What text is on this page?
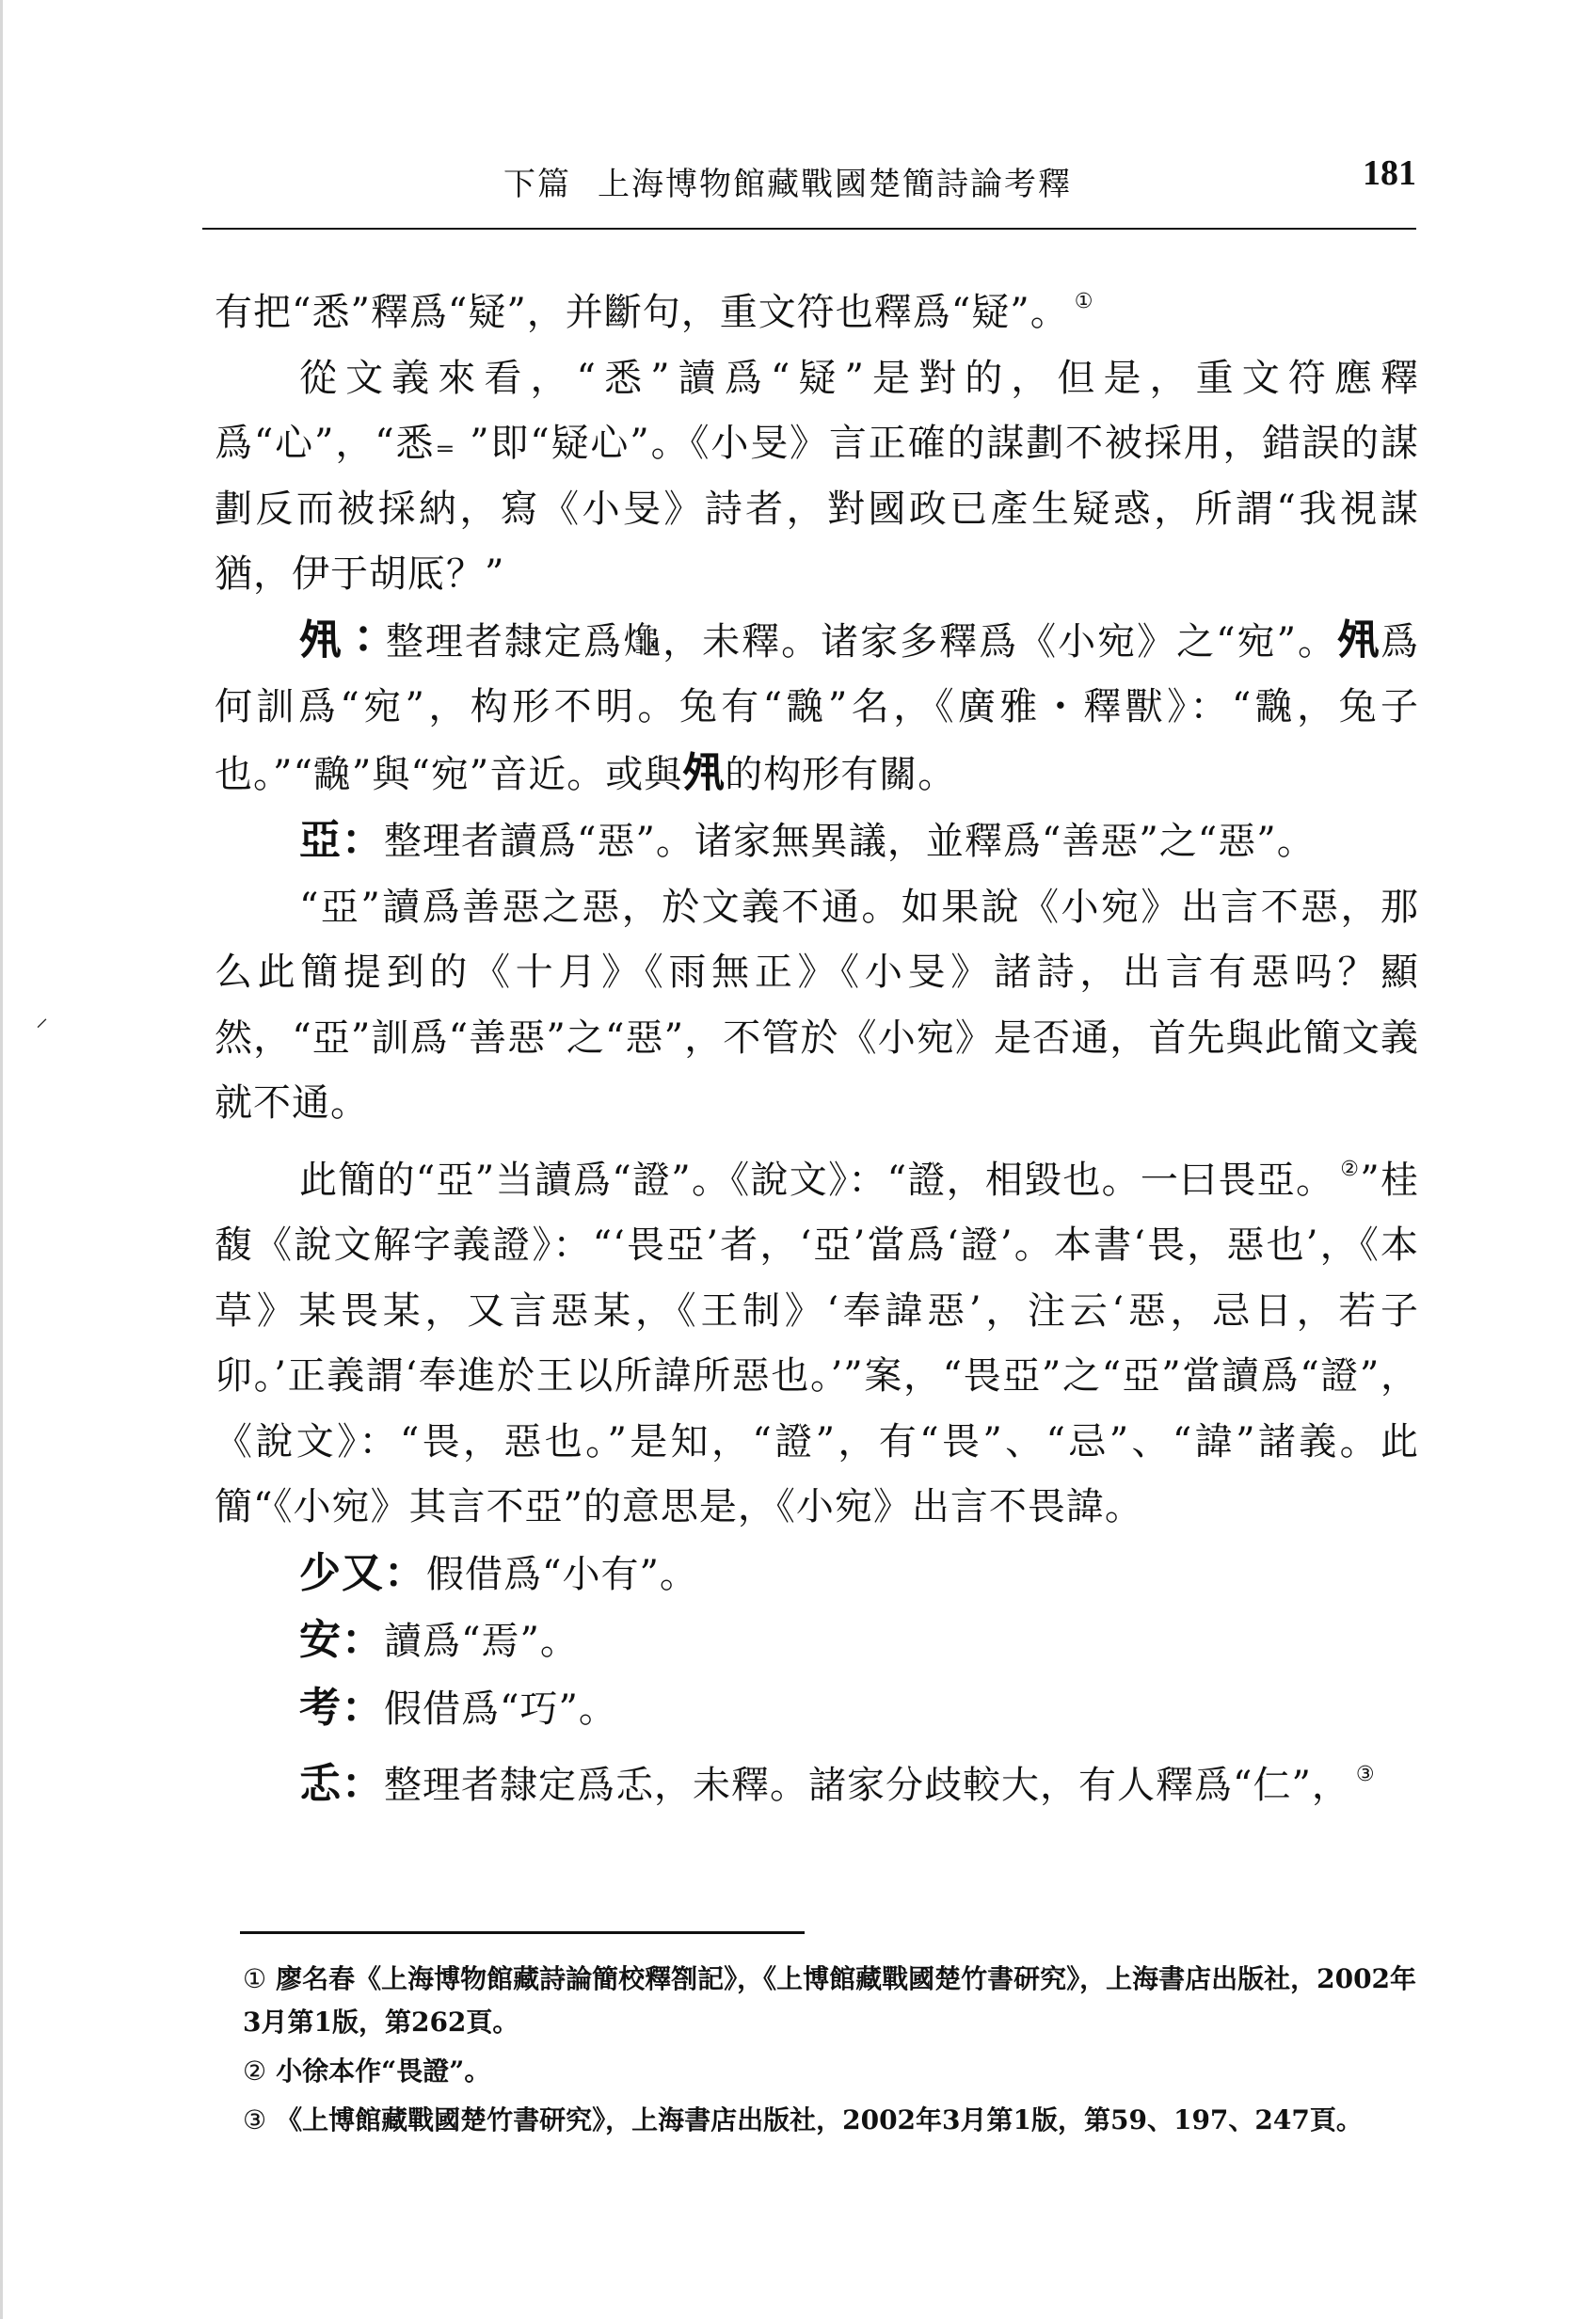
⸝
下篇 上海博物館藏戰國楚簡詩論考釋	181

有把“悉”釋爲“疑”，并斷句，重文符也釋爲“疑”。 ①

從文義來看，“悉”讀爲“疑”是對的，但是，重文符應釋爲“心”，“悉₌ ”即“疑心”。《小旻》言正確的謀劃不被採用，錯誤的謀劃反而被採納，寫《小旻》詩者，對國政已產生疑惑，所謂“我視謀猶，伊于胡厎？”

𡖊：整理者隸定爲𪚱，未釋。诸家多釋爲《小宛》之“宛”。𡖊爲何訓爲“宛”，构形不明。兔有“䨲”名，《廣雅・釋獸》：“䨲，兔子也。”“䨲”與“宛”音近。或與𡖊的构形有關。

亞：整理者讀爲“惡”。诸家無異議，並釋爲“善惡”之“惡”。

“亞”讀爲善惡之惡，於文義不通。如果說《小宛》出言不惡，那么此簡提到的《十月》《雨無正》《小旻》諸詩，出言有惡吗？顯然，“亞”訓爲“善惡”之“惡”，不管於《小宛》是否通，首先與此簡文義就不通。

此簡的“亞”当讀爲“證”。《說文》：“證，相毀也。一曰畏亞。 ②”桂馥《說文解字義證》：“‘畏亞’者，‘亞’當爲‘證’。本書‘畏，惡也’，《本草》某畏某，又言惡某，《王制》‘奉諱惡’，注云‘惡，忌日，若子卯。’正義謂‘奉進於王以所諱所惡也。’”案，“畏亞”之“亞”當讀爲“證”，《說文》：“畏，惡也。”是知，“證”，有“畏”、“忌”、“諱”諸義。此簡“《小宛》其言不亞”的意思是，《小宛》出言不畏諱。

少又：假借爲“小有”。

安：讀爲“焉”。

考：假借爲“巧”。

忎：整理者隸定爲忎，未釋。諸家分歧較大，有人釋爲“仁”， ③

① 廖名春《上海博物館藏詩論簡校釋劄記》，《上博館藏戰國楚竹書研究》，上海書店出版社，2002年3月第1版，第262頁。

② 小徐本作“畏證”。

③ 《上博館藏戰國楚竹書研究》，上海書店出版社，2002年3月第1版，第59、197、247頁。
